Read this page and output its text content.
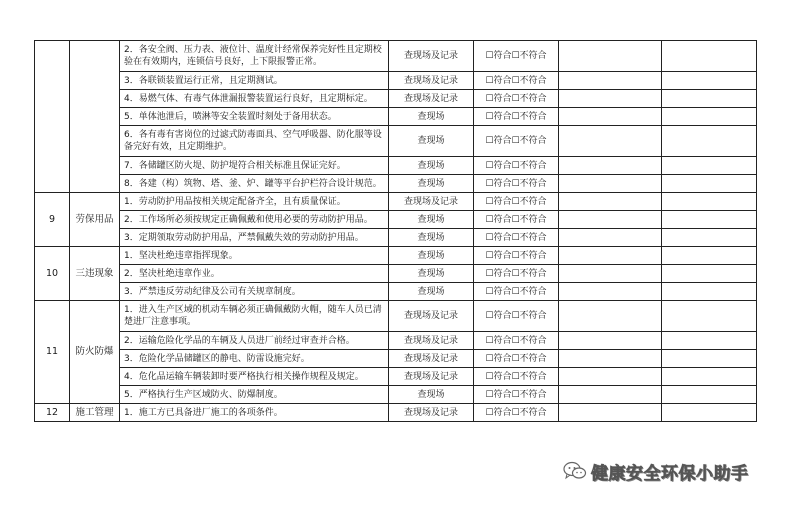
		2．各安全阀、压力表、液位计、温度计经常保养完好性且定期校验在有效期内，连锁信号良好，上下限报警正常。	查现场及记录	☐符合☐不符合		
		3．各联锁装置运行正常，且定期测试。	查现场及记录	☐符合☐不符合		
		4．易燃气体、有毒气体泄漏报警装置运行良好，且定期标定。	查现场及记录	☐符合☐不符合		
		5．单体池泄后，喷淋等安全装置时刻处于备用状态。	查现场	☐符合☐不符合		
		6．各有毒有害岗位的过滤式防毒面具、空气呼吸器、防化服等设备完好有效，且定期维护。	查现场	☐符合☐不符合		
		7．各储罐区防火堤、防护堤符合相关标准且保证完好。	查现场	☐符合☐不符合		
		8．各建（构）筑物、塔、釜、炉、罐等平台护栏符合设计规范。	查现场	☐符合☐不符合		
9	劳保用品	1．劳动防护用品按相关规定配备齐全，且有质量保证。	查现场及记录	☐符合☐不符合		
		2．工作场所必须按规定正确佩戴和使用必要的劳动防护用品。	查现场	☐符合☐不符合		
		3．定期领取劳动防护用品，严禁佩戴失效的劳动防护用品。	查现场	☐符合☐不符合		
10	三违现象	1．坚决杜绝违章指挥现象。	查现场	☐符合☐不符合		
		2．坚决杜绝违章作业。	查现场	☐符合☐不符合		
		3．严禁违反劳动纪律及公司有关规章制度。	查现场	☐符合☐不符合		
11	防火防爆	1．进入生产区域的机动车辆必须正确佩戴防火帽，随车人员已清楚进厂注意事项。	查现场及记录	☐符合☐不符合		
		2．运输危险化学品的车辆及人员进厂前经过审查并合格。	查现场及记录	☐符合☐不符合		
		3．危险化学品储罐区的静电、防雷设施完好。	查现场及记录	☐符合☐不符合		
		4．危化品运输车辆装卸时要严格执行相关操作规程及规定。	查现场及记录	☐符合☐不符合		
		5．严格执行生产区域防火、防爆制度。	查现场	☐符合☐不符合		
12	施工管理	1．施工方已具备进厂施工的各项条件。	查现场及记录	☐符合☐不符合		
健康安全环保小助手
